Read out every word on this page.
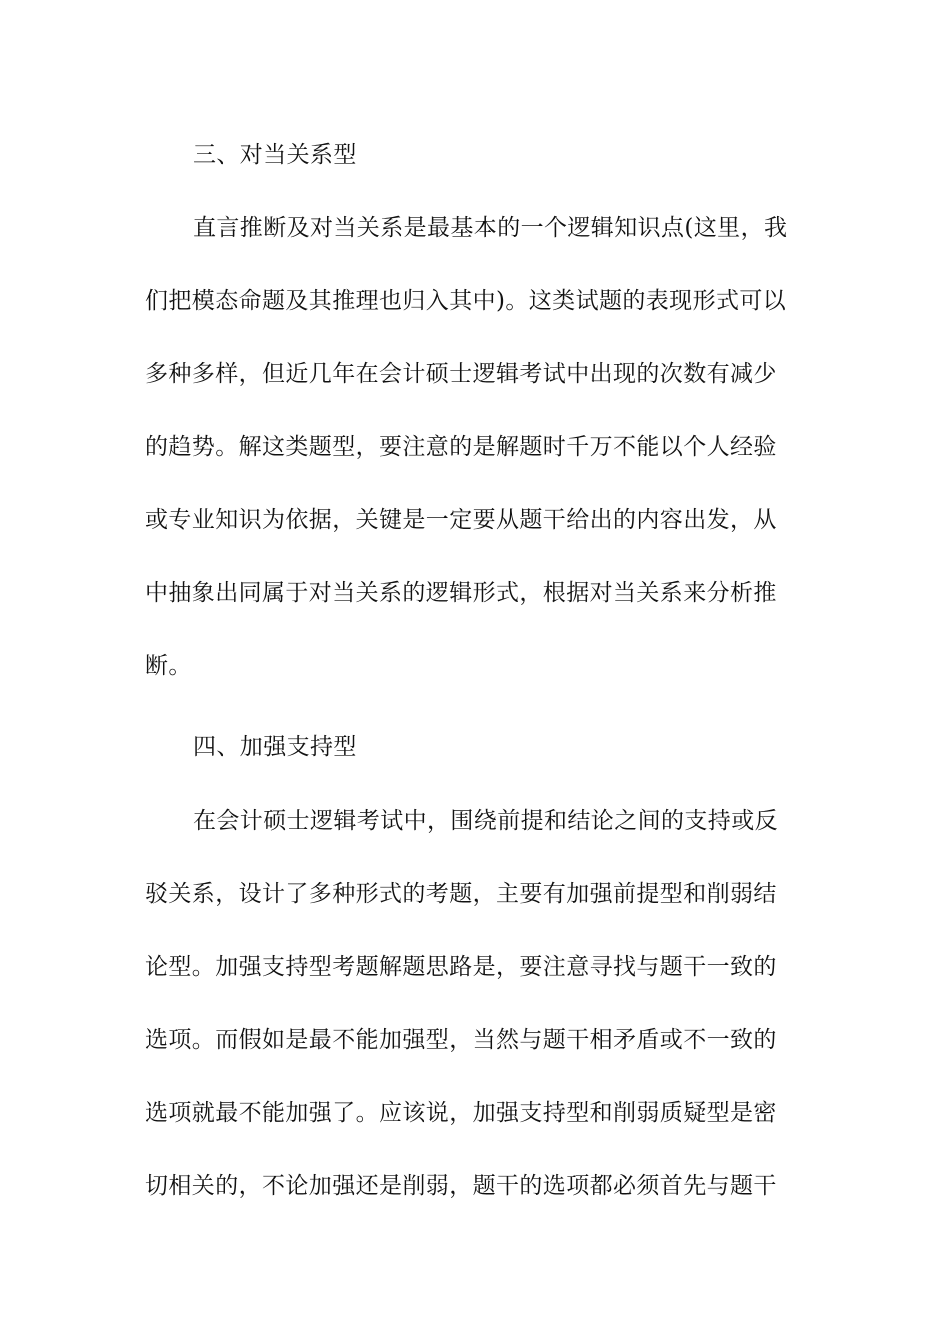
三、对当关系型
直言推断及对当关系是最基本的一个逻辑知识点(这里，我
们把模态命题及其推理也归入其中)。这类试题的表现形式可以
多种多样，但近几年在会计硕士逻辑考试中出现的次数有减少
的趋势。解这类题型，要注意的是解题时千万不能以个人经验
或专业知识为依据，关键是一定要从题干给出的内容出发，从
中抽象出同属于对当关系的逻辑形式，根据对当关系来分析推
断。
四、加强支持型
在会计硕士逻辑考试中，围绕前提和结论之间的支持或反
驳关系，设计了多种形式的考题，主要有加强前提型和削弱结
论型。加强支持型考题解题思路是，要注意寻找与题干一致的
选项。而假如是最不能加强型，当然与题干相矛盾或不一致的
选项就最不能加强了。应该说，加强支持型和削弱质疑型是密
切相关的，不论加强还是削弱，题干的选项都必须首先与题干
